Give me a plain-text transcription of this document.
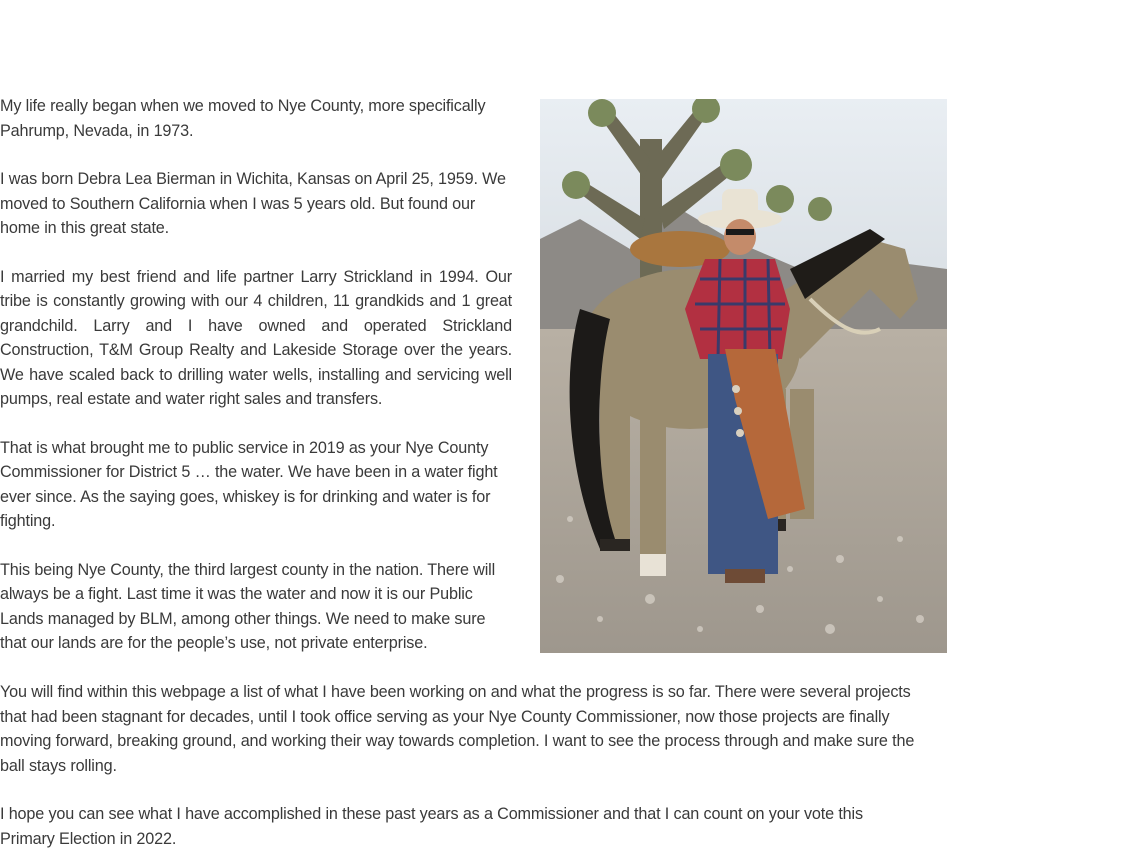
My life really began when we moved to Nye County, more specifically Pahrump, Nevada, in 1973.

I was born Debra Lea Bierman in Wichita, Kansas on April 25, 1959. We moved to Southern California when I was 5 years old. But found our home in this great state.

I married my best friend and life partner Larry Strickland in 1994. Our tribe is constantly growing with our 4 children, 11 grandkids and 1 great grandchild. Larry and I have owned and operated Strickland Construction, T&M Group Realty and Lakeside Storage over the years. We have scaled back to drilling water wells, installing and servicing well pumps, real estate and water right sales and transfers.

That is what brought me to public service in 2019 as your Nye County Commissioner for District 5 … the water. We have been in a water fight ever since. As the saying goes, whiskey is for drinking and water is for fighting.

This being Nye County, the third largest county in the nation. There will always be a fight. Last time it was the water and now it is our Public Lands managed by BLM, among other things. We need to make sure that our lands are for the people’s use, not private enterprise.

You will find within this webpage a list of what I have been working on and what the progress is so far. There were several projects that had been stagnant for decades, until I took office serving as your Nye County Commissioner, now those projects are finally moving forward, breaking ground, and working their way towards completion. I want to see the process through and make sure the ball stays rolling.

I hope you can see what I have accomplished in these past years as a Commissioner and that I can count on your vote this Primary Election in 2022.
